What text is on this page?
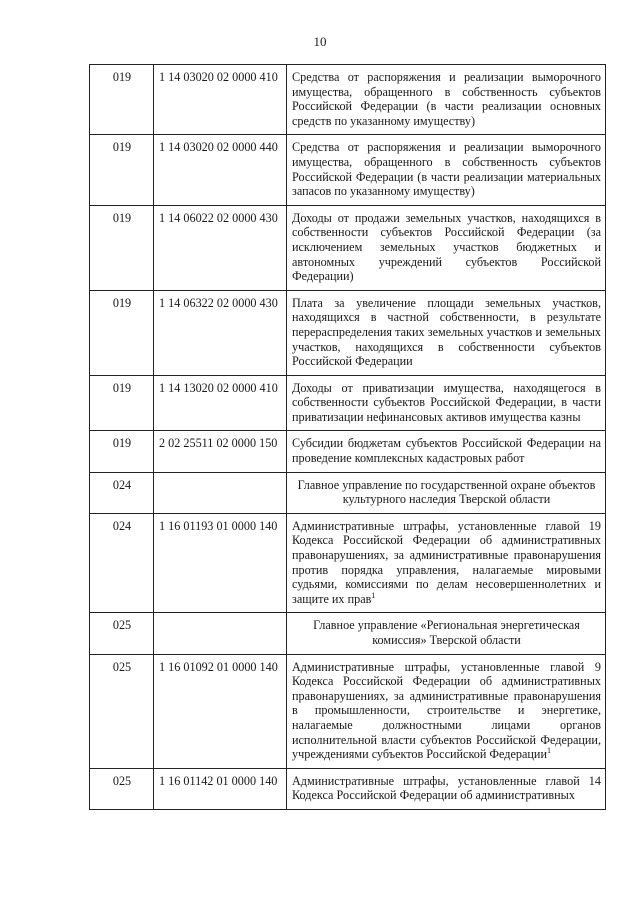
10
019	1 14 03020 02 0000 410	Средства от распоряжения и реализации выморочного имущества, обращенного в собственность субъектов Российской Федерации (в части реализации основных средств по указанному имуществу)
019	1 14 03020 02 0000 440	Средства от распоряжения и реализации выморочного имущества, обращенного в собственность субъектов Российской Федерации (в части реализации материальных запасов по указанному имуществу)
019	1 14 06022 02 0000 430	Доходы от продажи земельных участков, находящихся в собственности субъектов Российской Федерации (за исключением земельных участков бюджетных и автономных учреждений субъектов Российской Федерации)
019	1 14 06322 02 0000 430	Плата за увеличение площади земельных участков, находящихся в частной собственности, в результате перераспределения таких земельных участков и земельных участков, находящихся в собственности субъектов Российской Федерации
019	1 14 13020 02 0000 410	Доходы от приватизации имущества, находящегося в собственности субъектов Российской Федерации, в части приватизации нефинансовых активов имущества казны
019	2 02 25511 02 0000 150	Субсидии бюджетам субъектов Российской Федерации на проведение комплексных кадастровых работ
024		Главное управление по государственной охране объектов культурного наследия Тверской области
024	1 16 01193 01 0000 140	Административные штрафы, установленные главой 19 Кодекса Российской Федерации об административных правонарушениях, за административные правонарушения против порядка управления, налагаемые мировыми судьями, комиссиями по делам несовершеннолетних и защите их прав$^1$
025		Главное управление «Региональная энергетическая комиссия» Тверской области
025	1 16 01092 01 0000 140	Административные штрафы, установленные главой 9 Кодекса Российской Федерации об административных правонарушениях, за административные правонарушения в промышленности, строительстве и энергетике, налагаемые должностными лицами органов исполнительной власти субъектов Российской Федерации, учреждениями субъектов Российской Федерации$^1$
025	1 16 01142 01 0000 140	Административные штрафы, установленные главой 14 Кодекса Российской Федерации об административных
